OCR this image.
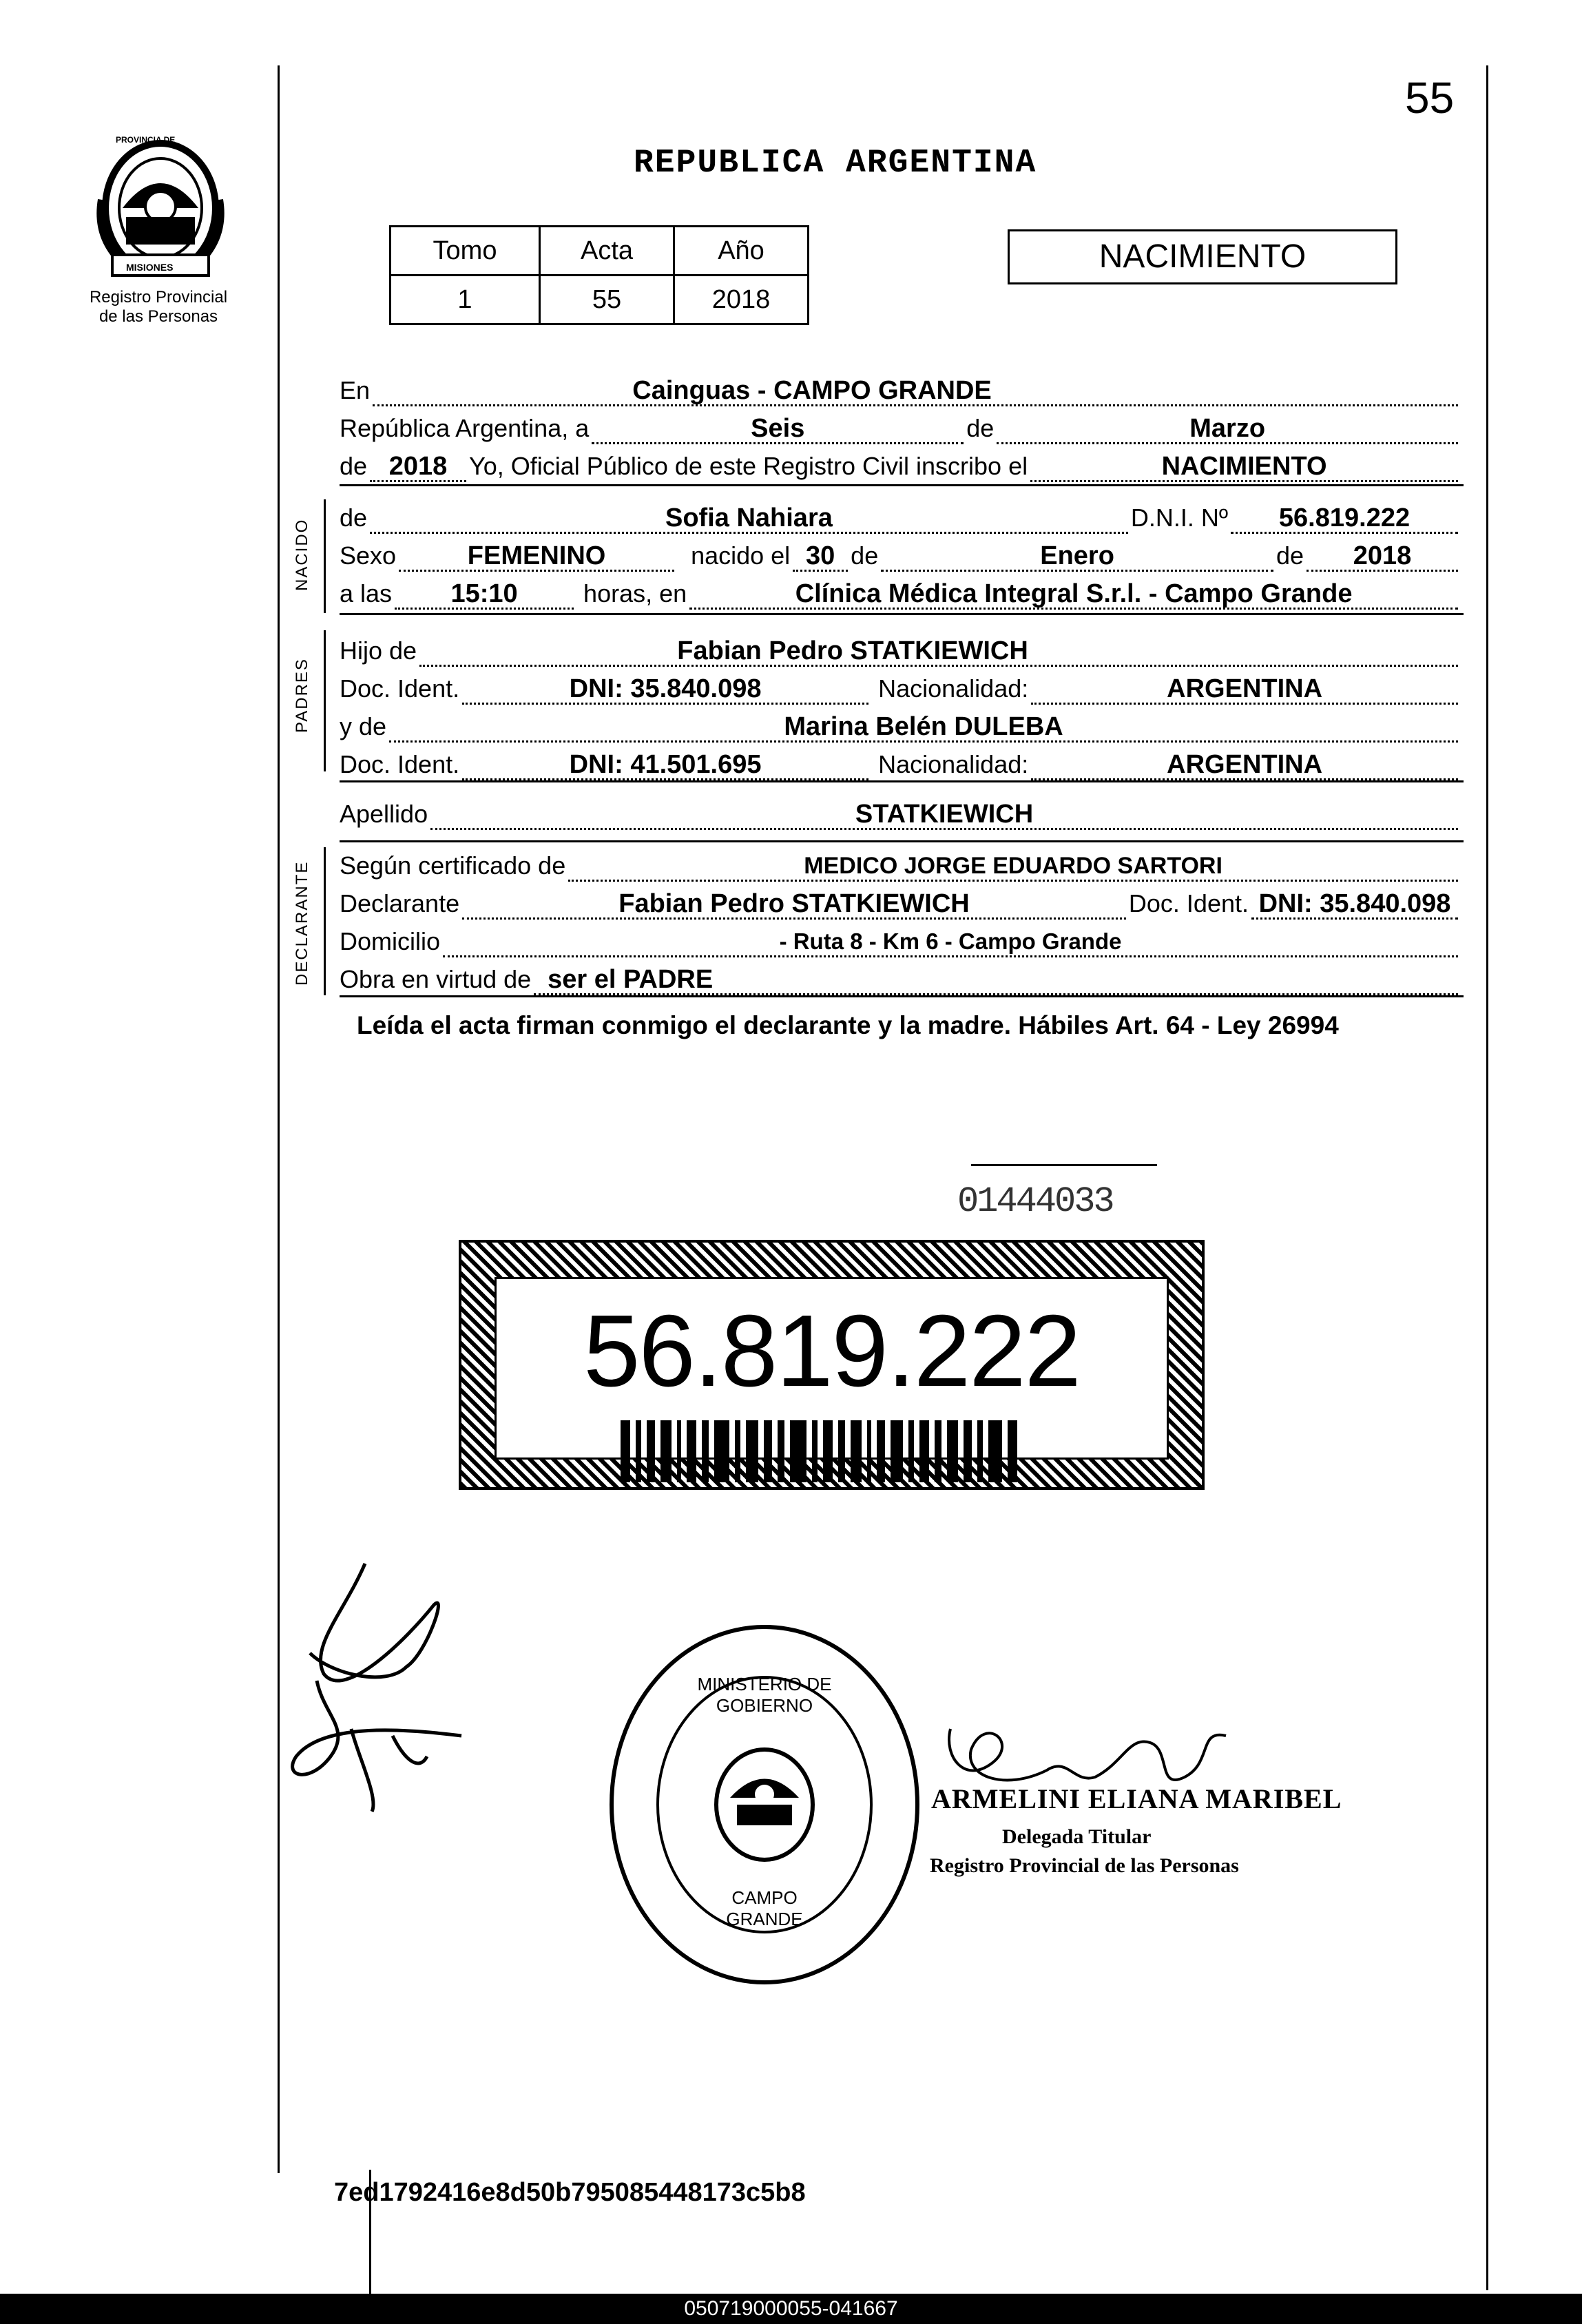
55
Registro Provincial
de las Personas
PROVINCIA DE
MISIONES
REPUBLICA ARGENTINA
Tomo	Acta	Año
1	55	2018
NACIMIENTO
En	Cainguas - CAMPO GRANDE
República Argentina, a	Seis	de	Marzo
de 2018 Yo, Oficial Público de este Registro Civil inscribo el	NACIMIENTO
NACIDO
de	Sofia Nahiara	D.N.I. Nº	56.819.222
Sexo	FEMENINO	nacido el 30 de	Enero	de	2018
a las	15:10	horas, en	Clínica Médica Integral S.r.l. - Campo Grande
PADRES
Hijo de	Fabian Pedro STATKIEWICH
Doc. Ident.	DNI: 35.840.098	Nacionalidad:	ARGENTINA
y de	Marina Belén DULEBA
Doc. Ident.	DNI: 41.501.695	Nacionalidad:	ARGENTINA
Apellido	STATKIEWICH
DECLARANTE Según certificado de	MEDICO JORGE EDUARDO SARTORI
Declarante	Fabian Pedro STATKIEWICH	Doc. Ident. DNI: 35.840.098
Domicilio	- Ruta 8 - Km 6 - Campo Grande
Obra en virtud de ser el PADRE
Leída el acta firman conmigo el declarante y la madre. Hábiles Art. 64 - Ley 26994
01444033
56.819.222
DIRECC. GRAL. DEL REGISTRO PROVINCIAL DE LAS PERSONAS
MINISTERIO DE GOBIERNO
CAMPO GRANDE
ARMELINI ELIANA MARIBEL
Delegada Titular
Registro Provincial de las Personas
7ed1792416e8d50b795085448173c5b8
050719000055-041667
